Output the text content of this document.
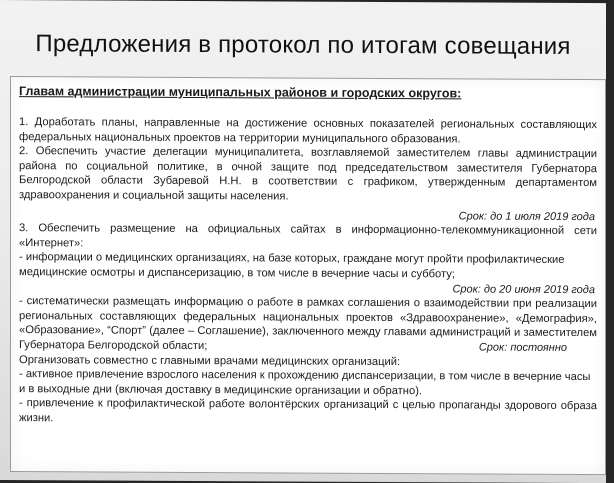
Предложения в протокол по итогам совещания
Главам администрации муниципальных районов и городских округов:

1. Доработать планы, направленные на достижение основных показателей региональных составляющих федеральных национальных проектов на территории муниципального образования.

2. Обеспечить участие делегации муниципалитета, возглавляемой заместителем главы администрации района по социальной политике, в очной защите под председательством заместителя Губернатора Белгородской области Зубаревой Н.Н. в соответствии с графиком, утвержденным департаментом здравоохранения и социальной защиты населения.

Срок: до 1 июля 2019 года

3. Обеспечить размещение на официальных сайтах в информационно-телекоммуникационной сети «Интернет»:

- информации о медицинских организациях, на базе которых, граждане могут пройти профилактические медицинские осмотры и диспансеризацию, в том числе в вечерние часы и субботу;

Срок: до 20 июня 2019 года

- систематически размещать информацию о работе в рамках соглашения о взаимодействии при реализации региональных составляющих федеральных национальных проектов «Здравоохранение», «Демография», «Образование», “Спорт” (далее – Соглашение), заключенного между главами администраций и заместителем Губернатора Белгородской области;	Срок: постоянно

Организовать совместно с главными врачами медицинских организаций:

- активное привлечение взрослого населения к прохождению диспансеризации, в том числе в вечерние часы и в выходные дни (включая доставку в медицинские организации и обратно).

- привлечение к профилактической работе волонтёрских организаций с целью пропаганды здорового образа жизни.
